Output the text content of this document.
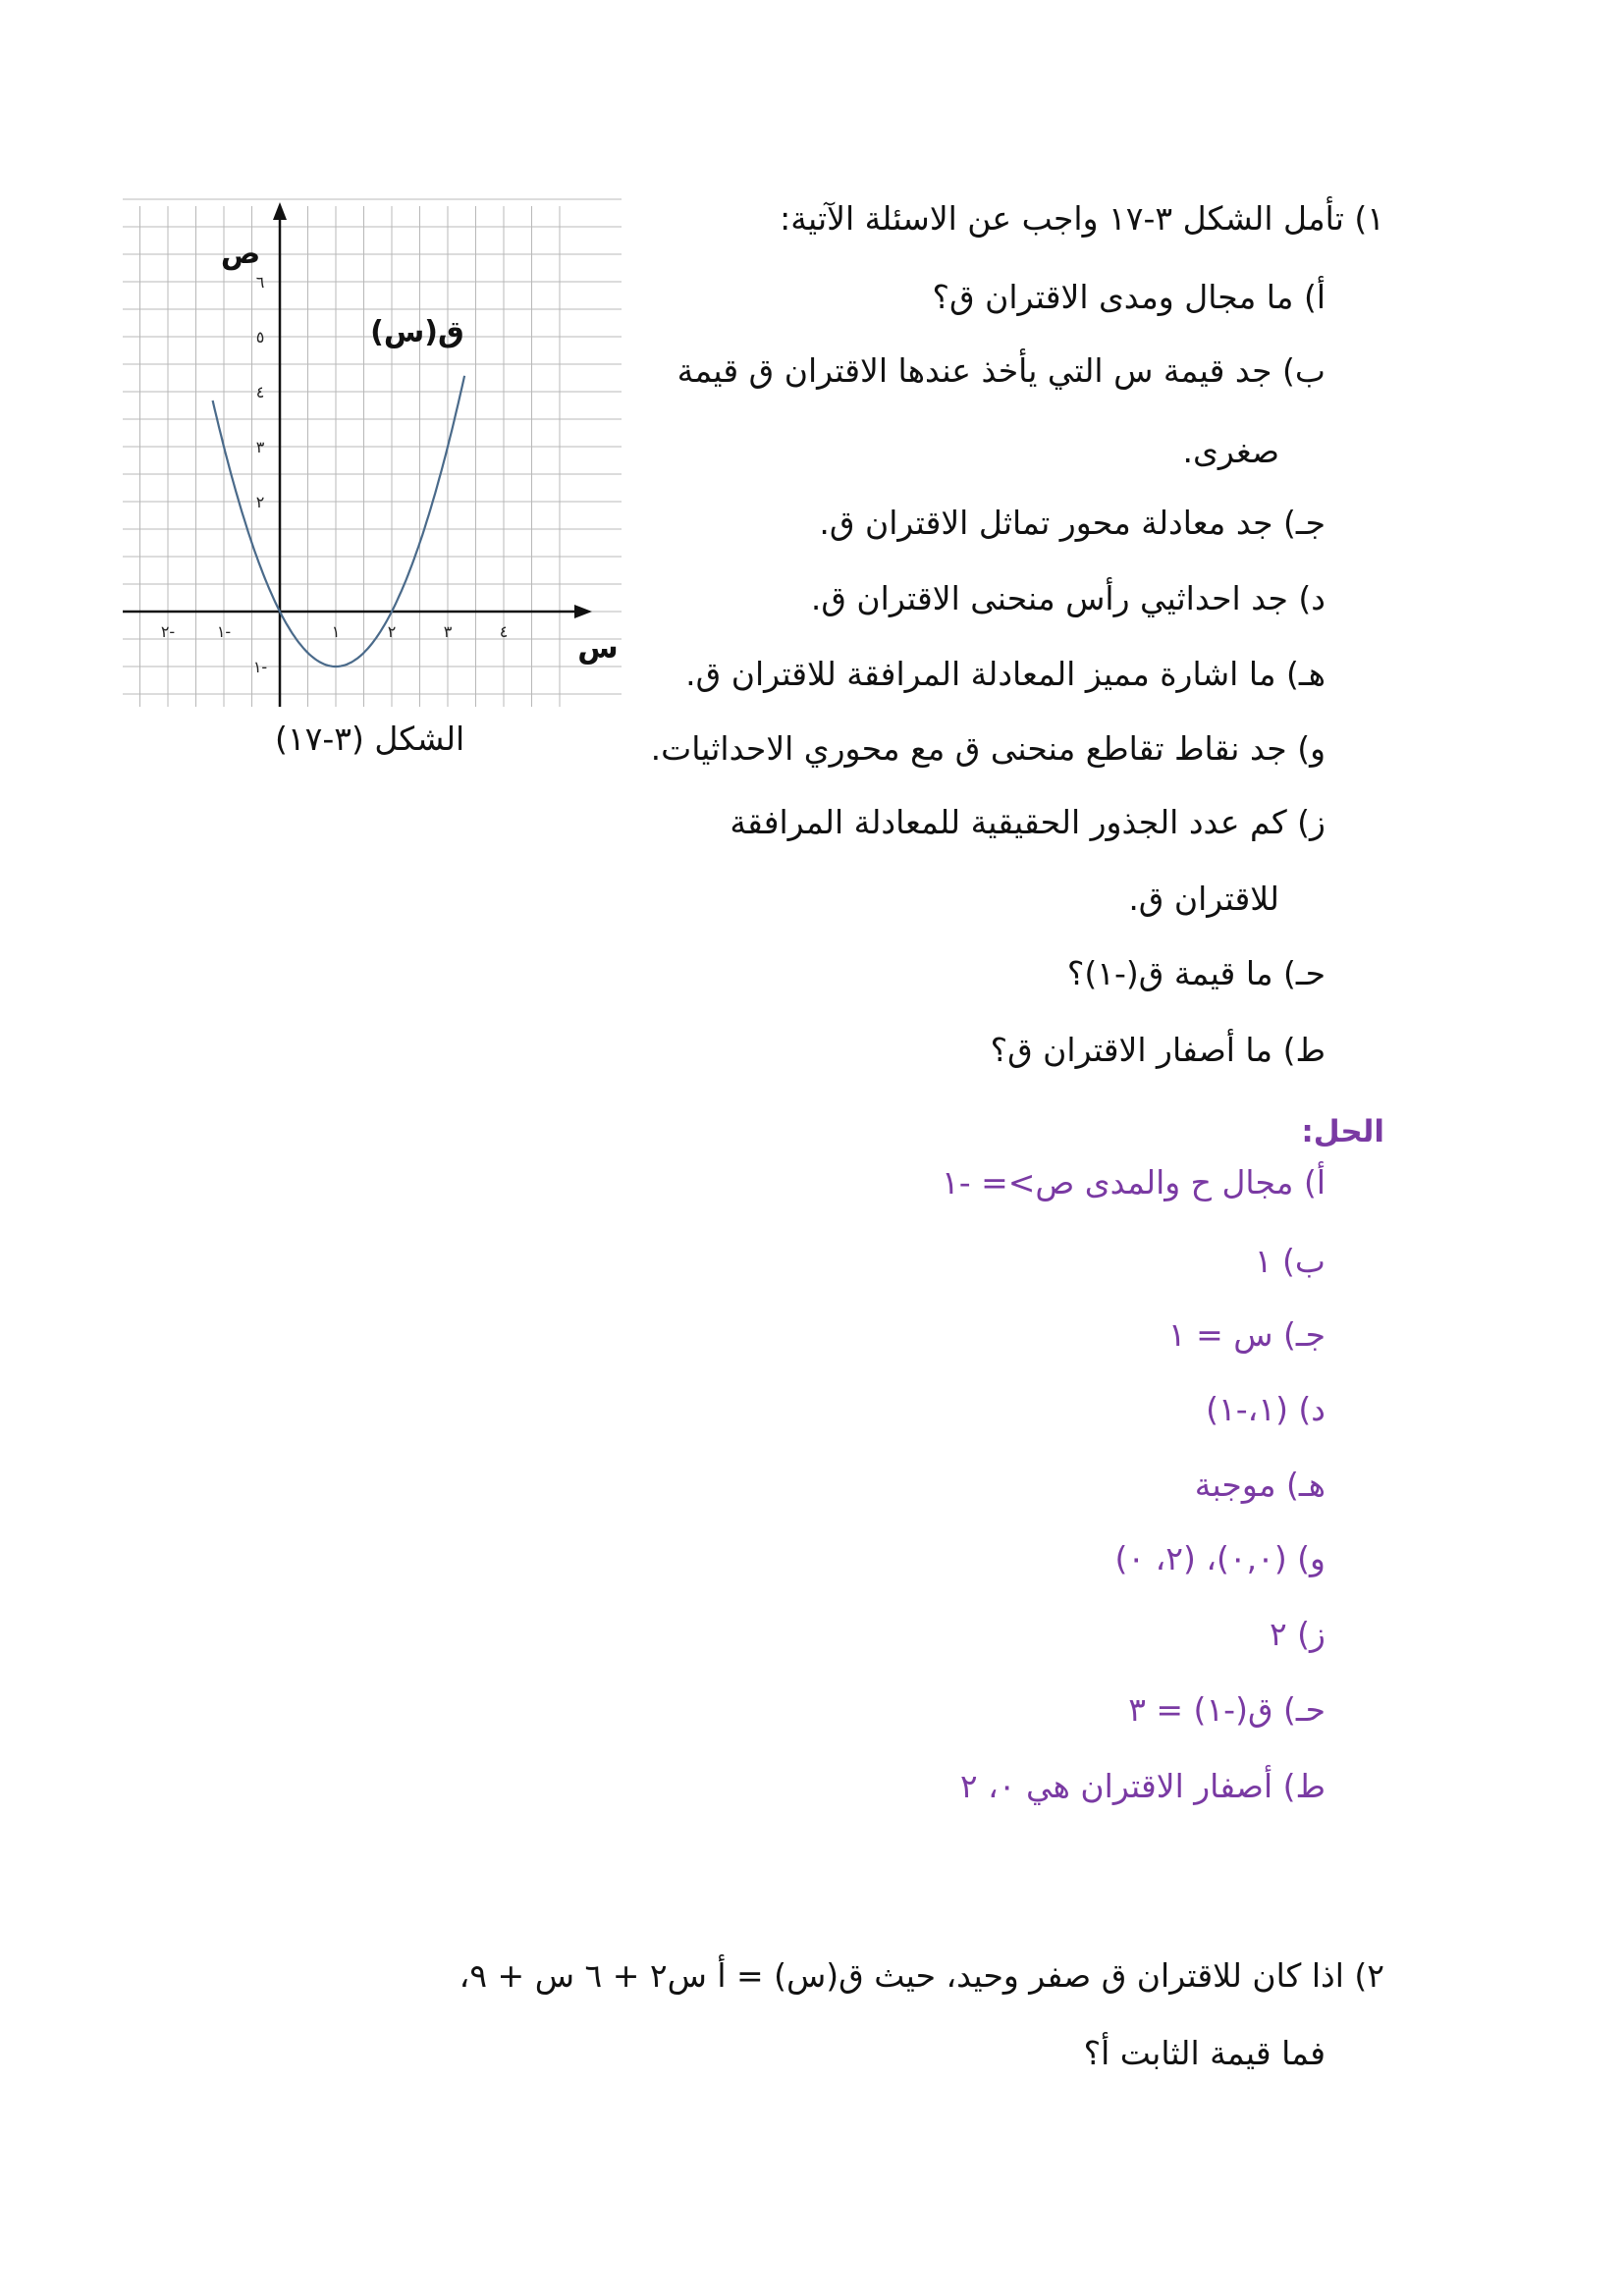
١) تأمل الشكل ٣-١٧ واجب عن الاسئلة الآتية:
أ) ما مجال ومدى الاقتران ق؟
ب) جد قيمة س التي يأخذ عندها الاقتران ق قيمة
صغرى.
جـ) جد معادلة محور تماثل الاقتران ق.
د) جد احداثيي رأس منحنى الاقتران ق.
هـ) ما اشارة مميز المعادلة المرافقة للاقتران ق.
و) جد نقاط تقاطع منحنى ق مع محوري الاحداثيات.
ز) كم عدد الجذور الحقيقية للمعادلة المرافقة
للاقتران ق.
حـ) ما قيمة ق(-١)؟
ط) ما أصفار الاقتران ق؟
٢-	١-	١	٢	٣	٤
١-
٢
٣
٤
٥
٦
ق(س)
ص
س
الشكل (٣-١٧)
الحل:
أ) مجال ح والمدى ص>= -١
ب) ١
جـ) س = ١
د) (١،-١)
هـ) موجبة
و) (٠,٠)، (٢، ٠)
ز) ٢
حـ) ق(-١) = ٣
ط) أصفار الاقتران هي ٠، ٢
٢) اذا كان للاقتران ق صفر وحيد، حيث ق(س) = أ س٢ + ٦ س + ٩،
فما قيمة الثابت أ؟
